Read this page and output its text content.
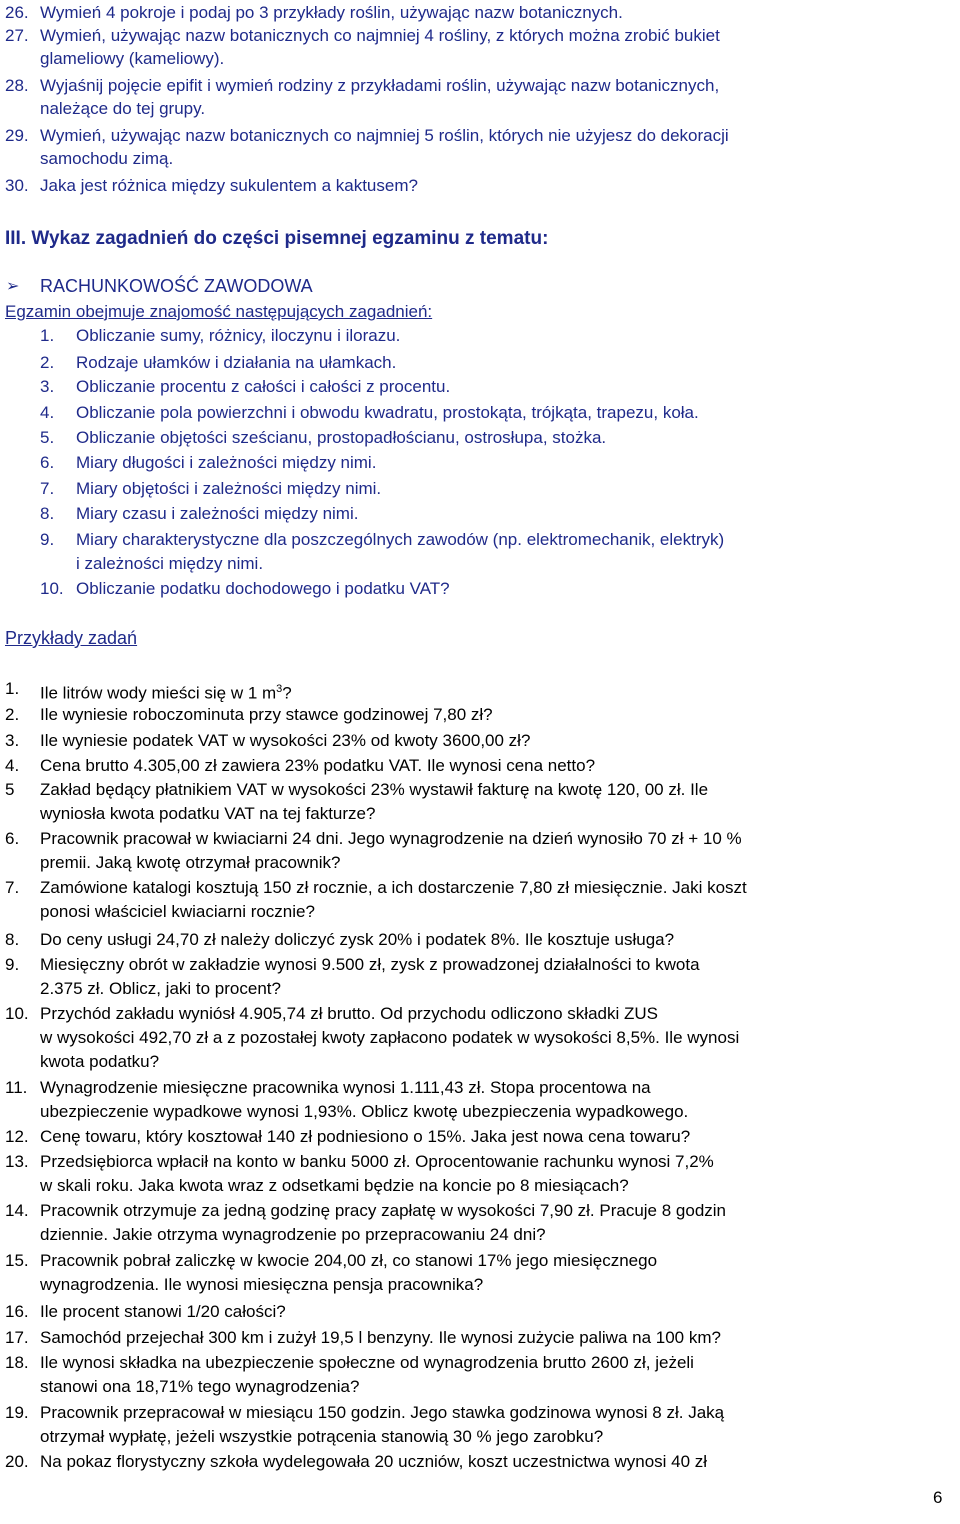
26. Wymień 4 pokroje i podaj po 3 przykłady roślin, używając nazw botanicznych.
27. Wymień, używając nazw botanicznych co najmniej 4 rośliny, z których można zrobić bukiet
glameliowy (kameliowy).
28. Wyjaśnij pojęcie epifit i wymień rodziny z przykładami roślin, używając nazw botanicznych,
należące do tej grupy.
29. Wymień, używając nazw botanicznych co najmniej 5 roślin, których nie użyjesz do dekoracji
samochodu zimą.
30. Jaka jest różnica między sukulentem a kaktusem?
III. Wykaz zagadnień do części pisemnej egzaminu z tematu:
➢ RACHUNKOWOŚĆ ZAWODOWA
Egzamin obejmuje znajomość następujących zagadnień:
1. Obliczanie sumy, różnicy, iloczynu i ilorazu.
2. Rodzaje ułamków i działania na ułamkach.
3. Obliczanie procentu z całości i całości z procentu.
4. Obliczanie pola powierzchni i obwodu kwadratu, prostokąta, trójkąta, trapezu, koła.
5. Obliczanie objętości sześcianu, prostopadłościanu, ostrosłupa, stożka.
6. Miary długości i zależności między nimi.
7. Miary objętości i zależności między nimi.
8. Miary czasu i zależności między nimi.
9. Miary charakterystyczne dla poszczególnych zawodów (np. elektromechanik, elektryk)
i zależności między nimi.
10. Obliczanie podatku dochodowego i podatku VAT?
Przykłady zadań
1. Ile litrów wody mieści się w 1 $m^3$?
2. Ile wyniesie roboczominuta przy stawce godzinowej 7,80 zł?
3. Ile wyniesie podatek VAT w wysokości 23% od kwoty 3600,00 zł?
4. Cena brutto 4.305,00 zł zawiera 23% podatku VAT. Ile wynosi cena netto?
5 Zakład będący płatnikiem VAT w wysokości 23% wystawił fakturę na kwotę 120, 00 zł. Ile
wyniosła kwota podatku VAT na tej fakturze?
6. Pracownik pracował w kwiaciarni 24 dni. Jego wynagrodzenie na dzień wynosiło 70 zł + 10 %
premii. Jaką kwotę otrzymał pracownik?
7. Zamówione katalogi kosztują 150 zł rocznie, a ich dostarczenie 7,80 zł miesięcznie. Jaki koszt
ponosi właściciel kwiaciarni rocznie?
8. Do ceny usługi 24,70 zł należy doliczyć zysk 20% i podatek 8%. Ile kosztuje usługa?
9. Miesięczny obrót w zakładzie wynosi 9.500 zł, zysk z prowadzonej działalności to kwota
2.375 zł. Oblicz, jaki to procent?
10. Przychód zakładu wyniósł 4.905,74 zł brutto. Od przychodu odliczono składki ZUS
w wysokości 492,70 zł a z pozostałej kwoty zapłacono podatek w wysokości 8,5%. Ile wynosi
kwota podatku?
11. Wynagrodzenie miesięczne pracownika wynosi 1.111,43 zł. Stopa procentowa na
ubezpieczenie wypadkowe wynosi 1,93%. Oblicz kwotę ubezpieczenia wypadkowego.
12. Cenę towaru, który kosztował 140 zł podniesiono o 15%. Jaka jest nowa cena towaru?
13. Przedsiębiorca wpłacił na konto w banku 5000 zł. Oprocentowanie rachunku wynosi 7,2%
w skali roku. Jaka kwota wraz z odsetkami będzie na koncie po 8 miesiącach?
14. Pracownik otrzymuje za jedną godzinę pracy zapłatę w wysokości 7,90 zł. Pracuje 8 godzin
dziennie. Jakie otrzyma wynagrodzenie po przepracowaniu 24 dni?
15. Pracownik pobrał zaliczkę w kwocie 204,00 zł, co stanowi 17% jego miesięcznego
wynagrodzenia. Ile wynosi miesięczna pensja pracownika?
16. Ile procent stanowi 1/20 całości?
17. Samochód przejechał 300 km i zużył 19,5 l benzyny. Ile wynosi zużycie paliwa na 100 km?
18. Ile wynosi składka na ubezpieczenie społeczne od wynagrodzenia brutto 2600 zł, jeżeli
stanowi ona 18,71% tego wynagrodzenia?
19. Pracownik przepracował w miesiącu 150 godzin. Jego stawka godzinowa wynosi 8 zł. Jaką
otrzymał wypłatę, jeżeli wszystkie potrącenia stanowią 30 % jego zarobku?
20. Na pokaz florystyczny szkoła wydelegowała 20 uczniów, koszt uczestnictwa wynosi 40 zł
6
